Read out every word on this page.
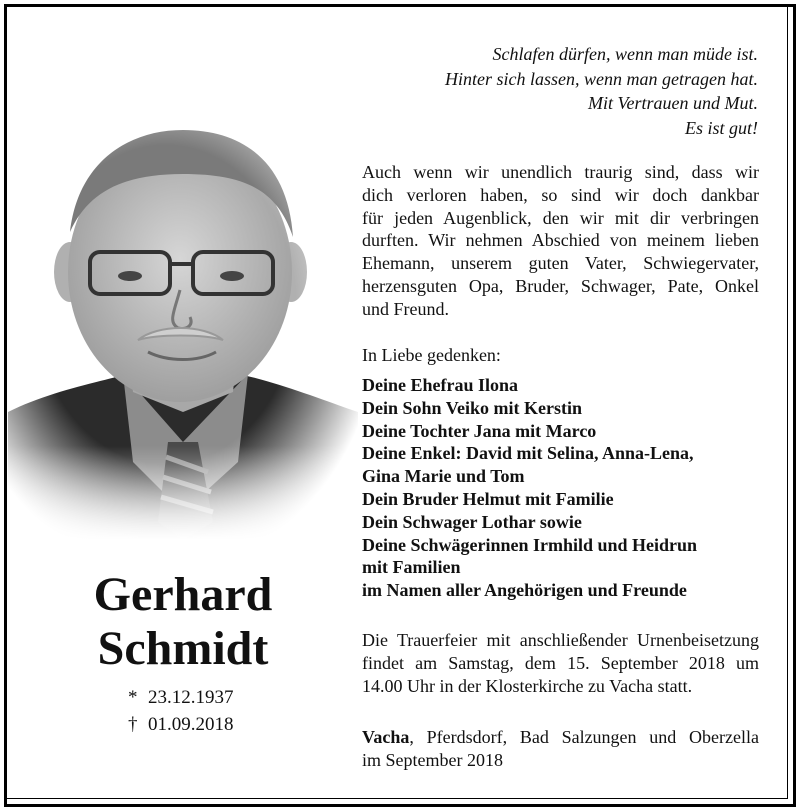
Schlafen dürfen, wenn man müde ist.
Hinter sich lassen, wenn man getragen hat.
Mit Vertrauen und Mut.
Es ist gut!
Gerhard
Schmidt
* 23.12.1937
† 01.09.2018
Auch wenn wir unendlich traurig sind, dass wir
dich verloren haben, so sind wir doch dankbar
für jeden Augenblick, den wir mit dir verbringen
durften. Wir nehmen Abschied von meinem lieben
Ehemann, unserem guten Vater, Schwiegervater,
herzensguten Opa, Bruder, Schwager, Pate, Onkel
und Freund.
In Liebe gedenken:
Deine Ehefrau Ilona
Dein Sohn Veiko mit Kerstin
Deine Tochter Jana mit Marco
Deine Enkel: David mit Selina, Anna-Lena,
Gina Marie und Tom
Dein Bruder Helmut mit Familie
Dein Schwager Lothar sowie
Deine Schwägerinnen Irmhild und Heidrun
mit Familien
im Namen aller Angehörigen und Freunde
Die Trauerfeier mit anschließender Urnenbeisetzung
findet am Samstag, dem 15. September 2018 um
14.00 Uhr in der Klosterkirche zu Vacha statt.
Vacha, Pferdsdorf, Bad Salzungen und Oberzella
im September 2018
